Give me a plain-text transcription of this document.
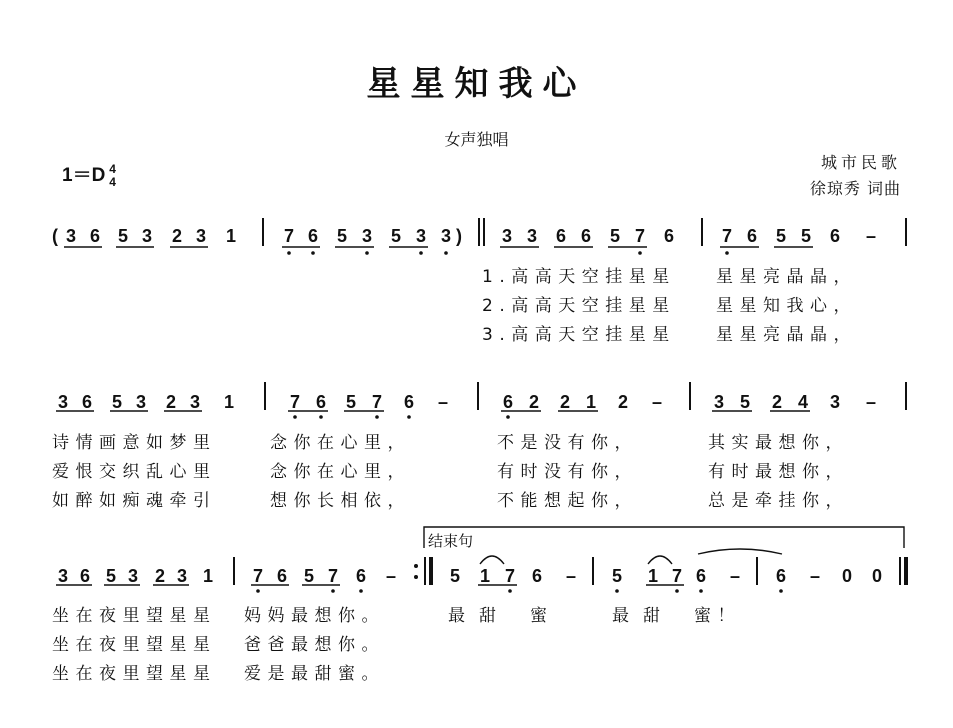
星星知我心
女声独唱
城市民歌
徐琼秀 词曲
1＝D 4
4
( 3 6 5 3 2 3 1	7 6 5 3 5 3 3 ) 3 3 6 6 5 7 6	7 6 5 5 6 –
1.高高天空挂星星 星星亮晶晶，
2.高高天空挂星星 星星知我心，
3.高高天空挂星星 星星亮晶晶，
3 6 5 3 2 3 1	7 6 5 7 6 –	6 2 2 1 2 –	3 5 2 4 3 –
诗情画意如梦里	念你在心里，	不是没有你，	其实最想你，
爱恨交织乱心里	念你在心里，	有时没有你，	有时最想你，
如醉如痴魂牵引	想你长相依，	不能想起你，	总是牵挂你，
结束句
3 6 5 3 2 3 1 7 6 5 7 6 –	5 1 7 6 – 5 1 7 6 – 6 – 0 0
坐在夜里望星星 妈妈最想你。	最甜 蜜	最甜 蜜！
坐在夜里望星星 爸爸最想你。
坐在夜里望星星 爱是最甜蜜。
